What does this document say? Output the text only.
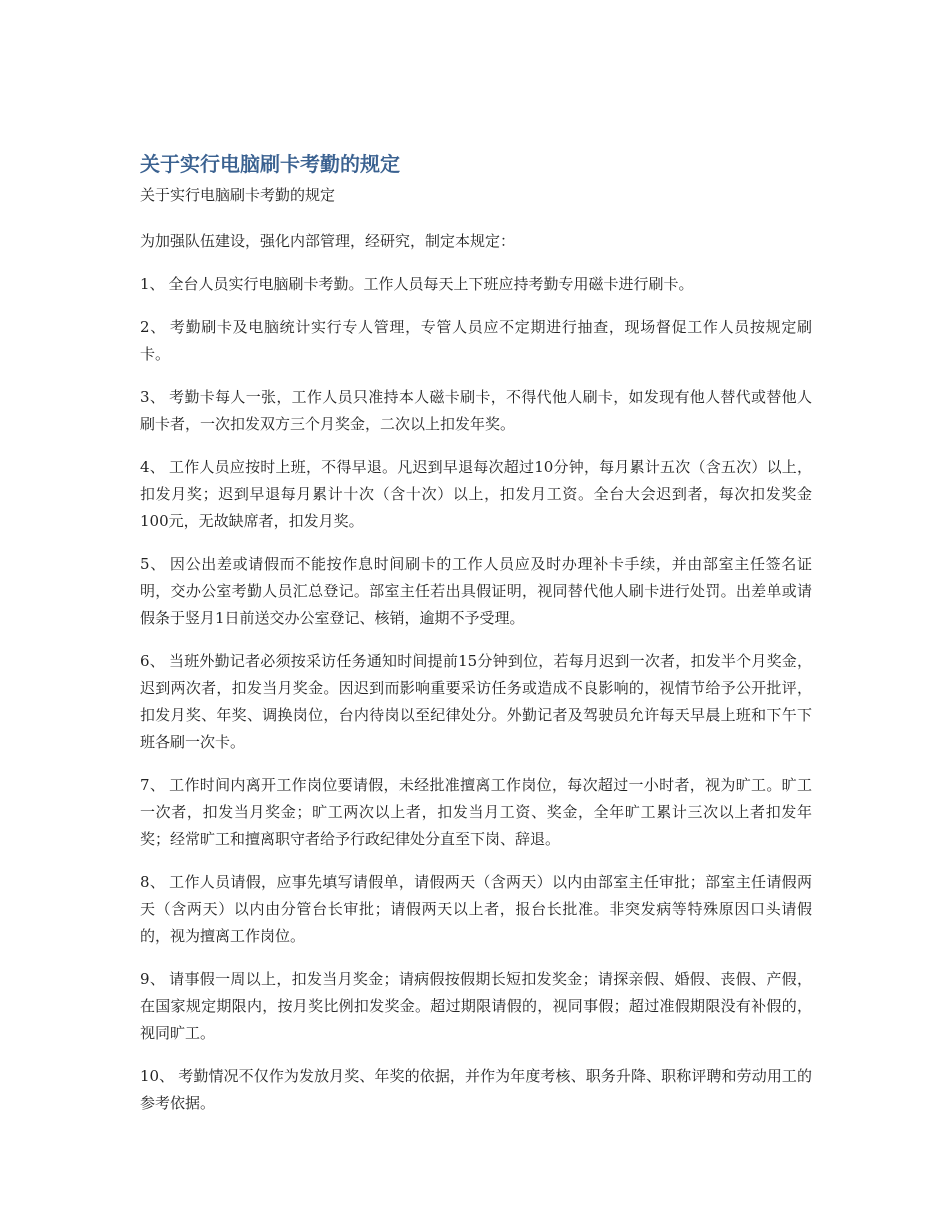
关于实行电脑刷卡考勤的规定
关于实行电脑刷卡考勤的规定

为加强队伍建设，强化内部管理，经研究，制定本规定：

1、 全台人员实行电脑刷卡考勤。工作人员每天上下班应持考勤专用磁卡进行刷卡。

2、 考勤刷卡及电脑统计实行专人管理，专管人员应不定期进行抽查，现场督促工作人员按规定刷卡。

3、 考勤卡每人一张，工作人员只准持本人磁卡刷卡，不得代他人刷卡，如发现有他人替代或替他人刷卡者，一次扣发双方三个月奖金，二次以上扣发年奖。

4、 工作人员应按时上班，不得早退。凡迟到早退每次超过10分钟，每月累计五次（含五次）以上，扣发月奖；迟到早退每月累计十次（含十次）以上，扣发月工资。全台大会迟到者，每次扣发奖金100元，无故缺席者，扣发月奖。

5、 因公出差或请假而不能按作息时间刷卡的工作人员应及时办理补卡手续，并由部室主任签名证明，交办公室考勤人员汇总登记。部室主任若出具假证明，视同替代他人刷卡进行处罚。出差单或请假条于竖月1日前送交办公室登记、核销，逾期不予受理。

6、 当班外勤记者必须按采访任务通知时间提前15分钟到位，若每月迟到一次者，扣发半个月奖金，迟到两次者，扣发当月奖金。因迟到而影响重要采访任务或造成不良影响的，视情节给予公开批评，扣发月奖、年奖、调换岗位，台内待岗以至纪律处分。外勤记者及驾驶员允许每天早晨上班和下午下班各刷一次卡。

7、 工作时间内离开工作岗位要请假，未经批准擅离工作岗位，每次超过一小时者，视为旷工。旷工一次者，扣发当月奖金；旷工两次以上者，扣发当月工资、奖金，全年旷工累计三次以上者扣发年奖；经常旷工和擅离职守者给予行政纪律处分直至下岗、辞退。

8、 工作人员请假，应事先填写请假单，请假两天（含两天）以内由部室主任审批；部室主任请假两天（含两天）以内由分管台长审批；请假两天以上者，报台长批准。非突发病等特殊原因口头请假的，视为擅离工作岗位。

9、 请事假一周以上，扣发当月奖金；请病假按假期长短扣发奖金；请探亲假、婚假、丧假、产假，在国家规定期限内，按月奖比例扣发奖金。超过期限请假的，视同事假；超过准假期限没有补假的，视同旷工。

10、 考勤情况不仅作为发放月奖、年奖的依据，并作为年度考核、职务升降、职称评聘和劳动用工的参考依据。
